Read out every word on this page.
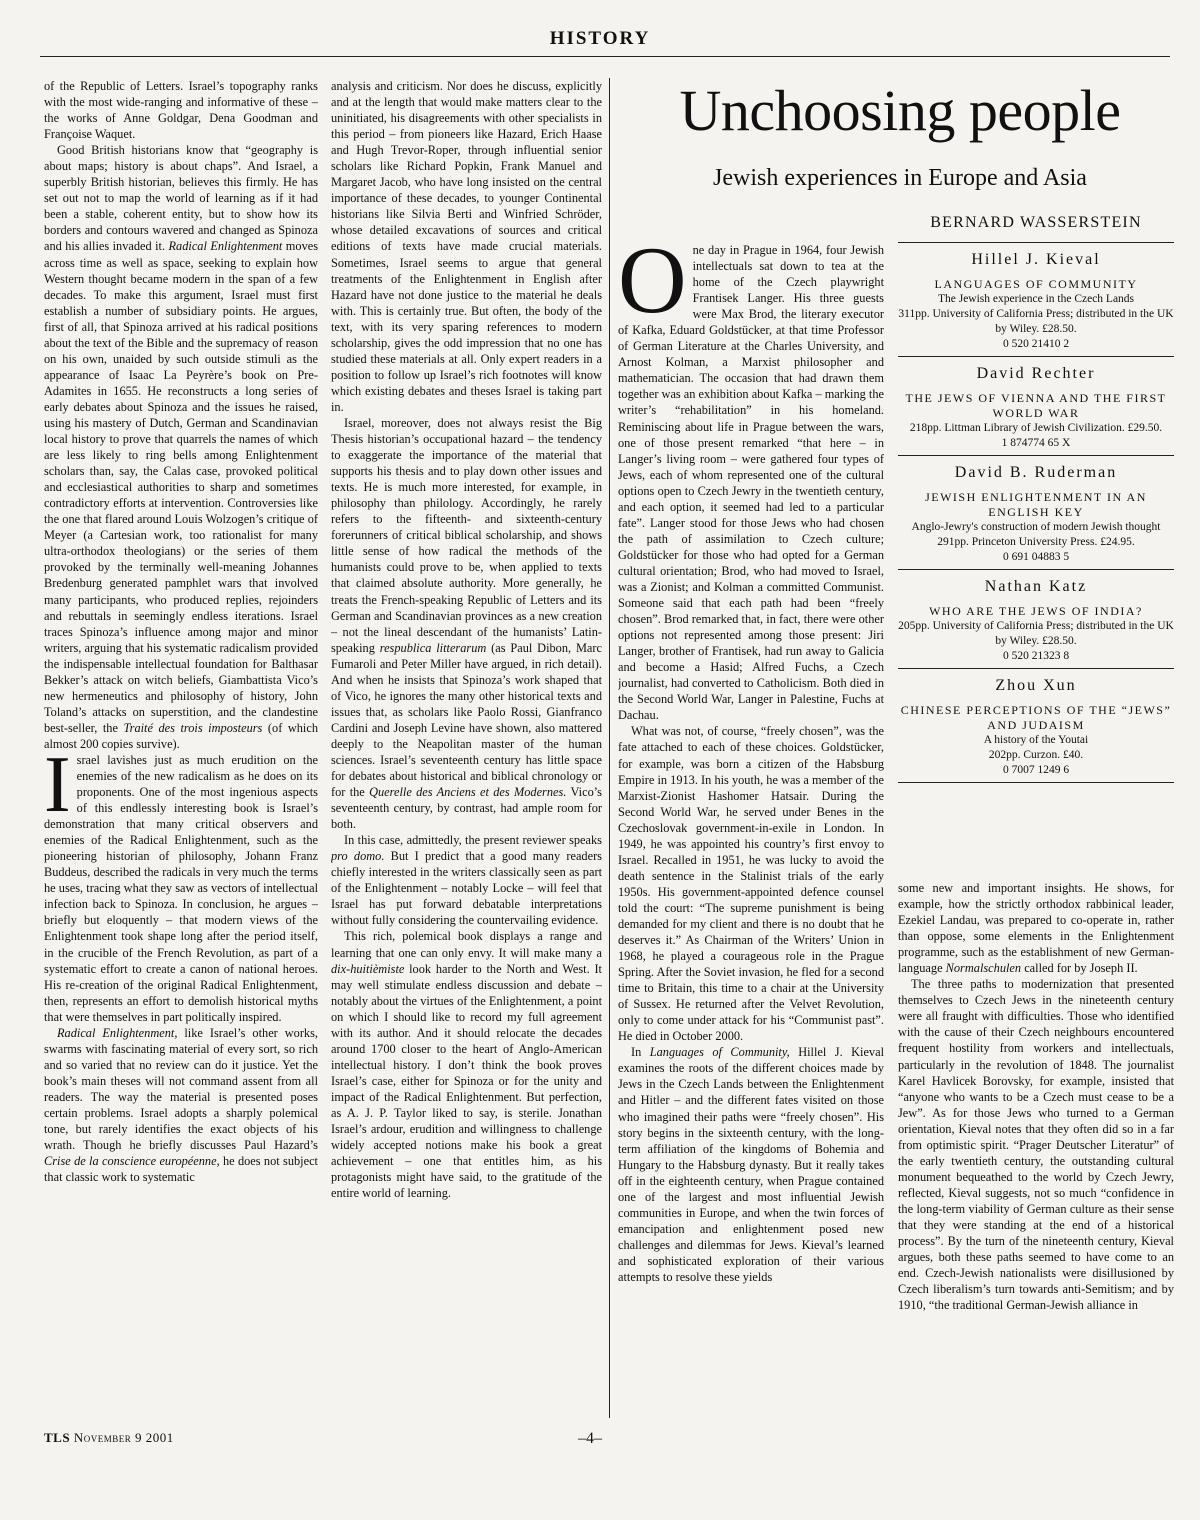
HISTORY

of the Republic of Letters. Israel’s topography ranks with the most wide-ranging and informative of these – the works of Anne Goldgar, Dena Goodman and Françoise Waquet.

Good British historians know that “geography is about maps; history is about chaps”. And Israel, a superbly British historian, believes this firmly. He has set out not to map the world of learning as if it had been a stable, coherent entity, but to show how its borders and contours wavered and changed as Spinoza and his allies invaded it. Radical Enlightenment moves across time as well as space, seeking to explain how Western thought became modern in the span of a few decades. To make this argument, Israel must first establish a number of subsidiary points. He argues, first of all, that Spinoza arrived at his radical positions about the text of the Bible and the supremacy of reason on his own, unaided by such outside stimuli as the appearance of Isaac La Peyrère’s book on Pre-Adamites in 1655. He reconstructs a long series of early debates about Spinoza and the issues he raised, using his mastery of Dutch, German and Scandinavian local history to prove that quarrels the names of which are less likely to ring bells among Enlightenment scholars than, say, the Calas case, provoked political and ecclesiastical authorities to sharp and sometimes contradictory efforts at intervention. Controversies like the one that flared around Louis Wolzogen’s critique of Meyer (a Cartesian work, too rationalist for many ultra-orthodox theologians) or the series of them provoked by the terminally well-meaning Johannes Bredenburg generated pamphlet wars that involved many participants, who produced replies, rejoinders and rebuttals in seemingly endless iterations. Israel traces Spinoza’s influence among major and minor writers, arguing that his systematic radicalism provided the indispensable intellectual foundation for Balthasar Bekker’s attack on witch beliefs, Giambattista Vico’s new hermeneutics and philosophy of history, John Toland’s attacks on superstition, and the clandestine best-seller, the Traité des trois imposteurs (of which almost 200 copies survive).

Israel lavishes just as much erudition on the enemies of the new radicalism as he does on its proponents. One of the most ingenious aspects of this endlessly interesting book is Israel’s demonstration that many critical observers and enemies of the Radical Enlightenment, such as the pioneering historian of philosophy, Johann Franz Buddeus, described the radicals in very much the terms he uses, tracing what they saw as vectors of intellectual infection back to Spinoza. In conclusion, he argues – briefly but eloquently – that modern views of the Enlightenment took shape long after the period itself, in the crucible of the French Revolution, as part of a systematic effort to create a canon of national heroes. His re-creation of the original Radical Enlightenment, then, represents an effort to demolish historical myths that were themselves in part politically inspired.

Radical Enlightenment, like Israel’s other works, swarms with fascinating material of every sort, so rich and so varied that no review can do it justice. Yet the book’s main theses will not command assent from all readers. The way the material is presented poses certain problems. Israel adopts a sharply polemical tone, but rarely identifies the exact objects of his wrath. Though he briefly discusses Paul Hazard’s Crise de la conscience européenne, he does not subject that classic work to systematic

analysis and criticism. Nor does he discuss, explicitly and at the length that would make matters clear to the uninitiated, his disagreements with other specialists in this period – from pioneers like Hazard, Erich Haase and Hugh Trevor-Roper, through influential senior scholars like Richard Popkin, Frank Manuel and Margaret Jacob, who have long insisted on the central importance of these decades, to younger Continental historians like Silvia Berti and Winfried Schröder, whose detailed excavations of sources and critical editions of texts have made crucial materials. Sometimes, Israel seems to argue that general treatments of the Enlightenment in English after Hazard have not done justice to the material he deals with. This is certainly true. But often, the body of the text, with its very sparing references to modern scholarship, gives the odd impression that no one has studied these materials at all. Only expert readers in a position to follow up Israel’s rich footnotes will know which existing debates and theses Israel is taking part in.

Israel, moreover, does not always resist the Big Thesis historian’s occupational hazard – the tendency to exaggerate the importance of the material that supports his thesis and to play down other issues and texts. He is much more interested, for example, in philosophy than philology. Accordingly, he rarely refers to the fifteenth- and sixteenth-century forerunners of critical biblical scholarship, and shows little sense of how radical the methods of the humanists could prove to be, when applied to texts that claimed absolute authority. More generally, he treats the French-speaking Republic of Letters and its German and Scandinavian provinces as a new creation – not the lineal descendant of the humanists’ Latin-speaking respublica litterarum (as Paul Dibon, Marc Fumaroli and Peter Miller have argued, in rich detail). And when he insists that Spinoza’s work shaped that of Vico, he ignores the many other historical texts and issues that, as scholars like Paolo Rossi, Gianfranco Cardini and Joseph Levine have shown, also mattered deeply to the Neapolitan master of the human sciences. Israel’s seventeenth century has little space for debates about historical and biblical chronology or for the Querelle des Anciens et des Modernes. Vico’s seventeenth century, by contrast, had ample room for both.

In this case, admittedly, the present reviewer speaks pro domo. But I predict that a good many readers chiefly interested in the writers classically seen as part of the Enlightenment – notably Locke – will feel that Israel has put forward debatable interpretations without fully considering the countervailing evidence.

This rich, polemical book displays a range and learning that one can only envy. It will make many a dix-huitièmiste look harder to the North and West. It may well stimulate endless discussion and debate – notably about the virtues of the Enlightenment, a point on which I should like to record my full agreement with its author. And it should relocate the decades around 1700 closer to the heart of Anglo-American intellectual history. I don’t think the book proves Israel’s case, either for Spinoza or for the unity and impact of the Radical Enlightenment. But perfection, as A. J. P. Taylor liked to say, is sterile. Jonathan Israel’s ardour, erudition and willingness to challenge widely accepted notions make his book a great achievement – one that entitles him, as his protagonists might have said, to the gratitude of the entire world of learning.

Unchoosing people
Jewish experiences in Europe and Asia

One day in Prague in 1964, four Jewish intellectuals sat down to tea at the home of the Czech playwright Frantisek Langer. His three guests were Max Brod, the literary executor of Kafka, Eduard Goldstücker, at that time Professor of German Literature at the Charles University, and Arnost Kolman, a Marxist philosopher and mathematician. The occasion that had drawn them together was an exhibition about Kafka – marking the writer’s “rehabilitation” in his homeland. Reminiscing about life in Prague between the wars, one of those present remarked “that here – in Langer’s living room – were gathered four types of Jews, each of whom represented one of the cultural options open to Czech Jewry in the twentieth century, and each option, it seemed had led to a particular fate”. Langer stood for those Jews who had chosen the path of assimilation to Czech culture; Goldstücker for those who had opted for a German cultural orientation; Brod, who had moved to Israel, was a Zionist; and Kolman a committed Communist. Someone said that each path had been “freely chosen”. Brod remarked that, in fact, there were other options not represented among those present: Jiri Langer, brother of Frantisek, had run away to Galicia and become a Hasid; Alfred Fuchs, a Czech journalist, had converted to Catholicism. Both died in the Second World War, Langer in Palestine, Fuchs at Dachau.

What was not, of course, “freely chosen”, was the fate attached to each of these choices. Goldstücker, for example, was born a citizen of the Habsburg Empire in 1913. In his youth, he was a member of the Marxist-Zionist Hashomer Hatsair. During the Second World War, he served under Benes in the Czechoslovak government-in-exile in London. In 1949, he was appointed his country’s first envoy to Israel. Recalled in 1951, he was lucky to avoid the death sentence in the Stalinist trials of the early 1950s. His government-appointed defence counsel told the court: “The supreme punishment is being demanded for my client and there is no doubt that he deserves it.” As Chairman of the Writers’ Union in 1968, he played a courageous role in the Prague Spring. After the Soviet invasion, he fled for a second time to Britain, this time to a chair at the University of Sussex. He returned after the Velvet Revolution, only to come under attack for his “Communist past”. He died in October 2000.

In Languages of Community, Hillel J. Kieval examines the roots of the different choices made by Jews in the Czech Lands between the Enlightenment and Hitler – and the different fates visited on those who imagined their paths were “freely chosen”. His story begins in the sixteenth century, with the long-term affiliation of the kingdoms of Bohemia and Hungary to the Habsburg dynasty. But it really takes off in the eighteenth century, when Prague contained one of the largest and most influential Jewish communities in Europe, and when the twin forces of emancipation and enlightenment posed new challenges and dilemmas for Jews. Kieval’s learned and sophisticated exploration of their various attempts to resolve these yields

BERNARD WASSERSTEIN
Hillel J. Kieval
LANGUAGES OF COMMUNITY
The Jewish experience in the Czech Lands
311pp. University of California Press; distributed in the UK by Wiley. £28.50.
0 520 21410 2
David Rechter
THE JEWS OF VIENNA AND THE FIRST WORLD WAR
218pp. Littman Library of Jewish Civilization. £29.50.
1 874774 65 X
David B. Ruderman
JEWISH ENLIGHTENMENT IN AN ENGLISH KEY
Anglo-Jewry's construction of modern Jewish thought
291pp. Princeton University Press. £24.95.
0 691 04883 5
Nathan Katz
WHO ARE THE JEWS OF INDIA?
205pp. University of California Press; distributed in the UK by Wiley. £28.50.
0 520 21323 8
Zhou Xun
CHINESE PERCEPTIONS OF THE “JEWS” AND JUDAISM
A history of the Youtai
202pp. Curzon. £40.
0 7007 1249 6

some new and important insights. He shows, for example, how the strictly orthodox rabbinical leader, Ezekiel Landau, was prepared to co-operate in, rather than oppose, some elements in the Enlightenment programme, such as the establishment of new German-language Normalschulen called for by Joseph II.

The three paths to modernization that presented themselves to Czech Jews in the nineteenth century were all fraught with difficulties. Those who identified with the cause of their Czech neighbours encountered frequent hostility from workers and intellectuals, particularly in the revolution of 1848. The journalist Karel Havlicek Borovsky, for example, insisted that “anyone who wants to be a Czech must cease to be a Jew”. As for those Jews who turned to a German orientation, Kieval notes that they often did so in a far from optimistic spirit. “Prager Deutscher Literatur” of the early twentieth century, the outstanding cultural monument bequeathed to the world by Czech Jewry, reflected, Kieval suggests, not so much “confidence in the long-term viability of German culture as their sense that they were standing at the end of a historical process”. By the turn of the nineteenth century, Kieval argues, both these paths seemed to have come to an end. Czech-Jewish nationalists were disillusioned by Czech liberalism’s turn towards anti-Semitism; and by 1910, “the traditional German-Jewish alliance in

TLS November 9 2001	–4–
